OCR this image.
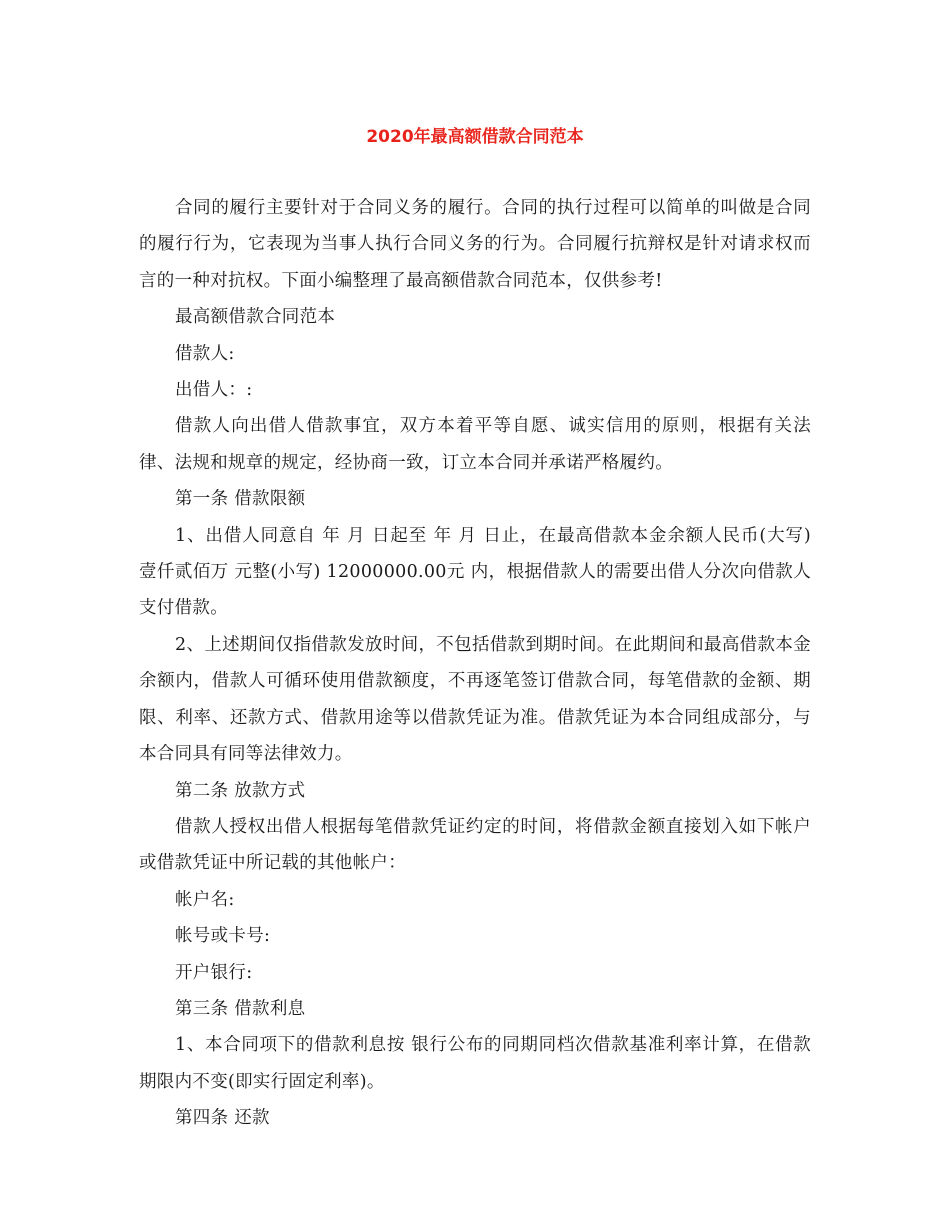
2020年最高额借款合同范本

合同的履行主要针对于合同义务的履行。合同的执行过程可以简单的叫做是合同的履行行为，它表现为当事人执行合同义务的行为。合同履行抗辩权是针对请求权而言的一种对抗权。下面小编整理了最高额借款合同范本，仅供参考!

最高额借款合同范本

借款人:

出借人：:

借款人向出借人借款事宜，双方本着平等自愿、诚实信用的原则，根据有关法律、法规和规章的规定，经协商一致，订立本合同并承诺严格履约。

第一条 借款限额

1、出借人同意自 年 月 日起至 年 月 日止，在最高借款本金余额人民币(大写) 壹仟贰佰万 元整(小写) 12000000.00元 内，根据借款人的需要出借人分次向借款人支付借款。

2、上述期间仅指借款发放时间，不包括借款到期时间。在此期间和最高借款本金余额内，借款人可循环使用借款额度，不再逐笔签订借款合同，每笔借款的金额、期限、利率、还款方式、借款用途等以借款凭证为准。借款凭证为本合同组成部分，与本合同具有同等法律效力。

第二条 放款方式

借款人授权出借人根据每笔借款凭证约定的时间，将借款金额直接划入如下帐户或借款凭证中所记载的其他帐户：

帐户名:

帐号或卡号:

开户银行:

第三条 借款利息

1、本合同项下的借款利息按 银行公布的同期同档次借款基准利率计算，在借款期限内不变(即实行固定利率)。

第四条 还款
